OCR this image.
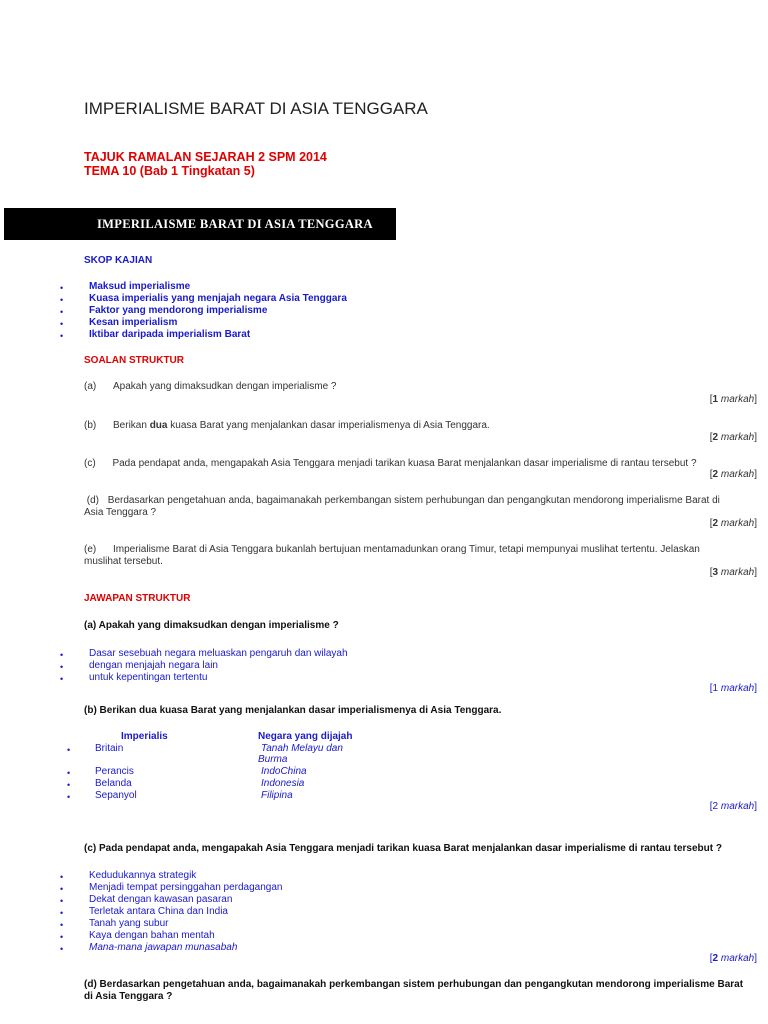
IMPERIALISME BARAT DI ASIA TENGGARA
TAJUK RAMALAN SEJARAH 2 SPM 2014
TEMA 10 (Bab 1 Tingkatan 5)
IMPERILAISME BARAT DI ASIA TENGGARA
SKOP KAJIAN
•	Maksud imperialisme
•	Kuasa imperialis yang menjajah negara Asia Tenggara
•	Faktor yang mendorong imperialisme
•	Kesan imperialism
•	Iktibar daripada imperialism Barat
SOALAN STRUKTUR
(a) Apakah yang dimaksudkan dengan imperialisme ?
[1 markah]
(b) Berikan dua kuasa Barat yang menjalankan dasar imperialismenya di Asia Tenggara.
[2 markah]
(c) Pada pendapat anda, mengapakah Asia Tenggara menjadi tarikan kuasa Barat menjalankan dasar imperialisme di rantau tersebut ?
[2 markah]
(d) Berdasarkan pengetahuan anda, bagaimanakah perkembangan sistem perhubungan dan pengangkutan mendorong imperialisme Barat di Asia Tenggara ?
[2 markah]
(e) Imperialisme Barat di Asia Tenggara bukanlah bertujuan mentamadunkan orang Timur, tetapi mempunyai muslihat tertentu. Jelaskan muslihat tersebut.
[3 markah]
JAWAPAN STRUKTUR
(a) Apakah yang dimaksudkan dengan imperialisme ?
•	Dasar sesebuah negara meluaskan pengaruh dan wilayah
•	dengan menjajah negara lain
•	untuk kepentingan tertentu
[1 markah]
(b) Berikan dua kuasa Barat yang menjalankan dasar imperialismenya di Asia Tenggara.
Imperialis	Negara yang dijajah
• Britain	Tanah Melayu dan
Burma
• Perancis	IndoChina
• Belanda	Indonesia
• Sepanyol	Filipina
[2 markah]
(c) Pada pendapat anda, mengapakah Asia Tenggara menjadi tarikan kuasa Barat menjalankan dasar imperialisme di rantau tersebut ?
•	Kedudukannya strategik
•	Menjadi tempat persinggahan perdagangan
•	Dekat dengan kawasan pasaran
•	Terletak antara China dan India
•	Tanah yang subur
•	Kaya dengan bahan mentah
•	Mana-mana jawapan munasabah
[2 markah]
(d) Berdasarkan pengetahuan anda, bagaimanakah perkembangan sistem perhubungan dan pengangkutan mendorong imperialisme Barat di Asia Tenggara ?
